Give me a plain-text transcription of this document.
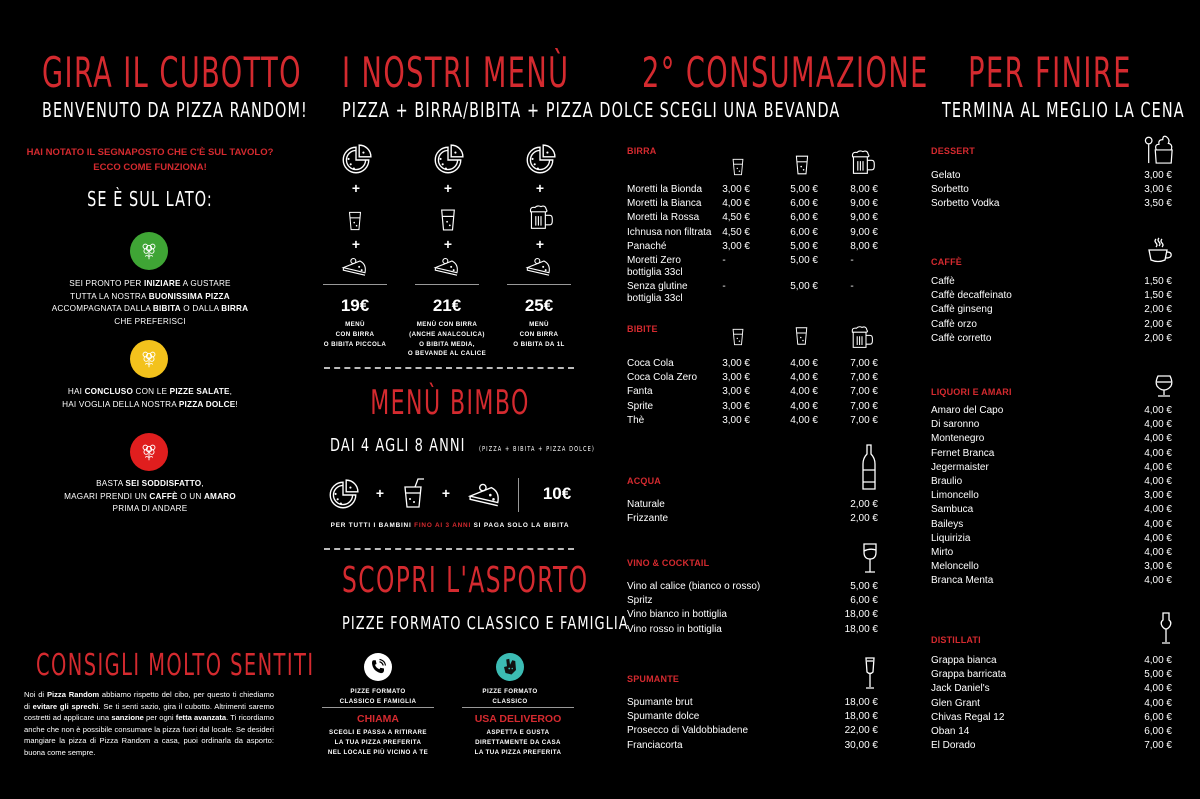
GIRA IL CUBOTTO
BENVENUTO DA PIZZA RANDOM!
HAI NOTATO IL SEGNAPOSTO CHE C'È SUL TAVOLO?
ECCO COME FUNZIONA!
SE È SUL LATO:
SEI PRONTO PER INIZIARE A GUSTARE
TUTTA LA NOSTRA BUONISSIMA PIZZA
ACCOMPAGNATA DALLA BIBITA O DALLA BIRRA
CHE PREFERISCI
HAI CONCLUSO CON LE PIZZE SALATE,
HAI VOGLIA DELLA NOSTRA PIZZA DOLCE!
BASTA SEI SODDISFATTO,
MAGARI PRENDI UN CAFFÈ O UN AMARO
PRIMA DI ANDARE
CONSIGLI MOLTO SENTITI

Noi di Pizza Random abbiamo rispetto del cibo, per questo ti chiediamo di evitare gli sprechi. Se ti senti sazio, gira il cubotto. Altrimenti saremo costretti ad applicare una sanzione per ogni fetta avanzata. Ti ricordiamo anche che non è possibile consumare la pizza fuori dal locale. Se desideri mangiare la pizza di Pizza Random a casa, puoi ordinarla da asporto: buona come sempre.

I NOSTRI MENÙ
PIZZA + BIRRA/BIBITA + PIZZA DOLCE
+
+
19€
MENÙ
CON BIRRA
O BIBITA PICCOLA
+
+
21€
MENÙ CON BIRRA
(ANCHE ANALCOLICA)
O BIBITA MEDIA,
O BEVANDE AL CALICE
+
+
25€
MENÙ
CON BIRRA
O BIBITA DA 1L
MENÙ BIMBO
DAI 4 AGLI 8 ANNI (PIZZA + BIBITA + PIZZA DOLCE)
+	+	10€
PER TUTTI I BAMBINI FINO AI 3 ANNI SI PAGA SOLO LA BIBITA
SCOPRI L'ASPORTO
PIZZE FORMATO CLASSICO E FAMIGLIA
PIZZE FORMATO
CLASSICO E FAMIGLIA
CHIAMA
SCEGLI E PASSA A RITIRARE
LA TUA PIZZA PREFERITA
NEL LOCALE PIÙ VICINO A TE
PIZZE FORMATO
CLASSICO
USA DELIVEROO
ASPETTA E GUSTA
DIRETTAMENTE DA CASA
LA TUA PIZZA PREFERITA
2° CONSUMAZIONE
SCEGLI UNA BEVANDA
BIRRA
Moretti la Bionda	3,00 €	5,00 €	8,00 €
Moretti la Bianca	4,00 €	6,00 €	9,00 €
Moretti la Rossa	4,50 €	6,00 €	9,00 €
Ichnusa non filtrata	4,50 €	6,00 €	9,00 €
Panaché	3,00 €	5,00 €	8,00 €
Moretti Zero
bottiglia 33cl
-	5,00 €	-
Senza glutine
bottiglia 33cl
-	5,00 €	-
BIBITE
Coca Cola	3,00 €	4,00 €	7,00 €
Coca Cola Zero	3,00 €	4,00 €	7,00 €
Fanta	3,00 €	4,00 €	7,00 €
Sprite	3,00 €	4,00 €	7,00 €
Thè	3,00 €	4,00 €	7,00 €
ACQUA
Naturale	2,00 €
Frizzante	2,00 €
VINO & COCKTAIL
Vino al calice (bianco o rosso)	5,00 €
Spritz	6,00 €
Vino bianco in bottiglia	18,00 €
Vino rosso in bottiglia	18,00 €
SPUMANTE
Spumante brut	18,00 €
Spumante dolce	18,00 €
Prosecco di Valdobbiadene	22,00 €
Franciacorta	30,00 €
PER FINIRE
TERMINA AL MEGLIO LA CENA
DESSERT
Gelato	3,00 €
Sorbetto	3,00 €
Sorbetto Vodka	3,50 €
CAFFÈ
Caffè	1,50 €
Caffè decaffeinato	1,50 €
Caffè ginseng	2,00 €
Caffè orzo	2,00 €
Caffè corretto	2,00 €
LIQUORI E AMARI
Amaro del Capo	4,00 €
Di saronno	4,00 €
Montenegro	4,00 €
Fernet Branca	4,00 €
Jegermaister	4,00 €
Braulio	4,00 €
Limoncello	3,00 €
Sambuca	4,00 €
Baileys	4,00 €
Liquirizia	4,00 €
Mirto	4,00 €
Meloncello	3,00 €
Branca Menta	4,00 €
DISTILLATI
Grappa bianca	4,00 €
Grappa barricata	5,00 €
Jack Daniel's	4,00 €
Glen Grant	4,00 €
Chivas Regal 12	6,00 €
Oban 14	6,00 €
El Dorado	7,00 €
